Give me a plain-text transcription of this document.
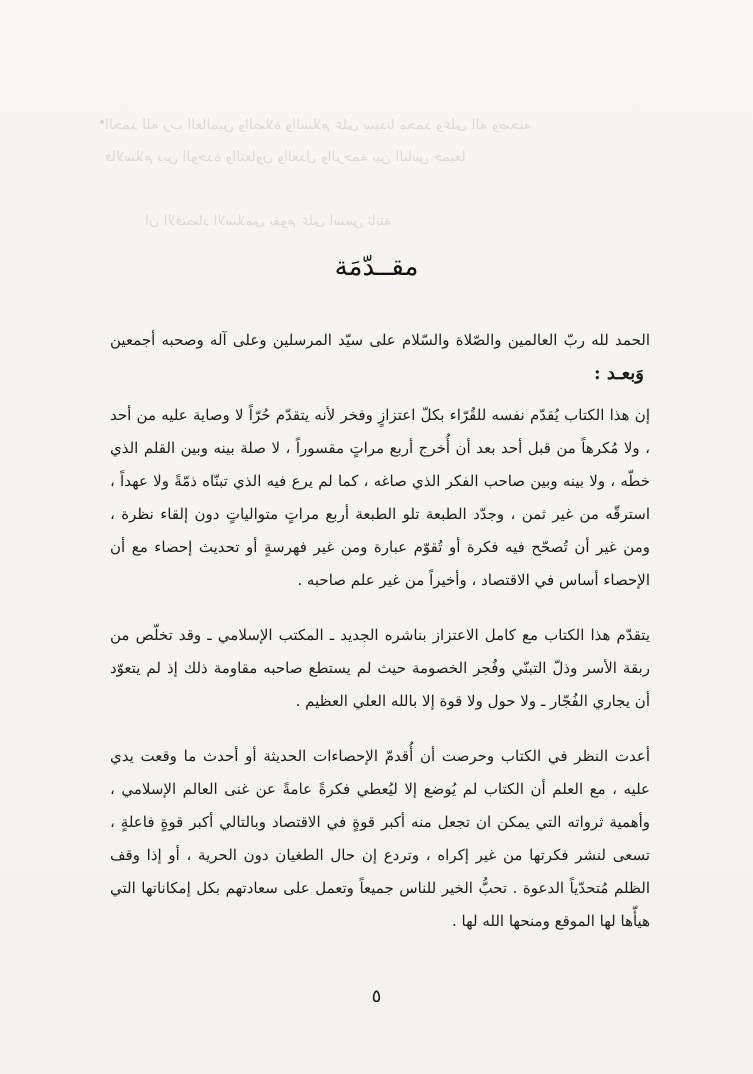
الحمد لله رب العالمين والصلاة والسلام على سيدنا محمد وعلى آله وصحبه
فالاسلام دين الوحدة والتعاون والعدل والرحمة بين الناس جميعاً
ان الاقتصاد الاسلامي يقوم على أسس ثابتة
مقــدّمَة

الحمد لله ربّ العالمين والصّلاة والسّلام على سيّد المرسلين وعلى آله وصحبه أجمعين وَبعـد :

إن هذا الكتاب يُقدّم نفسه للقُرّاء بكلّ اعتزازٍ وفخر لأنه يتقدّم حُرّاً لا وصاية عليه من أحد ، ولا مُكرهاً من قبل أحد بعد أن أُخرج أربع مراتٍ مقسوراً ، لا صلة بينه وبين القلم الذي خطّه ، ولا بينه وبين صاحب الفكر الذي صاغه ، كما لم يرع فيه الذي تبنّاه ذمّةً ولا عهداً ، استرقّه من غير ثمن ، وجدّد الطبعة تلو الطبعة أربع مراتٍ متوالياتٍ دون إلقاء نظرة ، ومن غير أن تُصحّح فيه فكرة أو تُقوّم عبارة ومن غير فهرسةٍ أو تحديث إحصاء مع أن الإحصاء أساس في الاقتصاد ، وأخيراً من غير علم صاحبه .

يتقدّم هذا الكتاب مع كامل الاعتزاز بناشره الجديد ـ المكتب الإسلامي ـ وقد تخلّص من ربقة الأسر وذلّ التبنّي وفُجر الخصومة حيث لم يستطع صاحبه مقاومة ذلك إذ لم يتعوّد أن يجاري الفُجّار ـ ولا حول ولا قوة إلا بالله العلي العظيم .

أعدت النظر في الكتاب وحرصت أن أُقدمّ الإحصاءات الحديثة أو أحدث ما وقعت يدي عليه ، مع العلم أن الكتاب لم يُوضع إلا ليُعطي فكرةً عامةً عن غنى العالم الإسلامي ، وأهمية ثرواته التي يمكن ان تجعل منه أكبر قوةٍ في الاقتصاد وبالتالي أكبر قوةٍ فاعلةٍ ، تسعى لنشر فكرتها من غير إكراه ، وتردع إن حال الطغيان دون الحرية ، أو إذا وقف الظلم مُتحدّياً الدعوة . تحبُّ الخير للناس جميعاً وتعمل على سعادتهم بكل إمكاناتها التي هيأّها لها الموقع ومنحها الله لها .

٥
